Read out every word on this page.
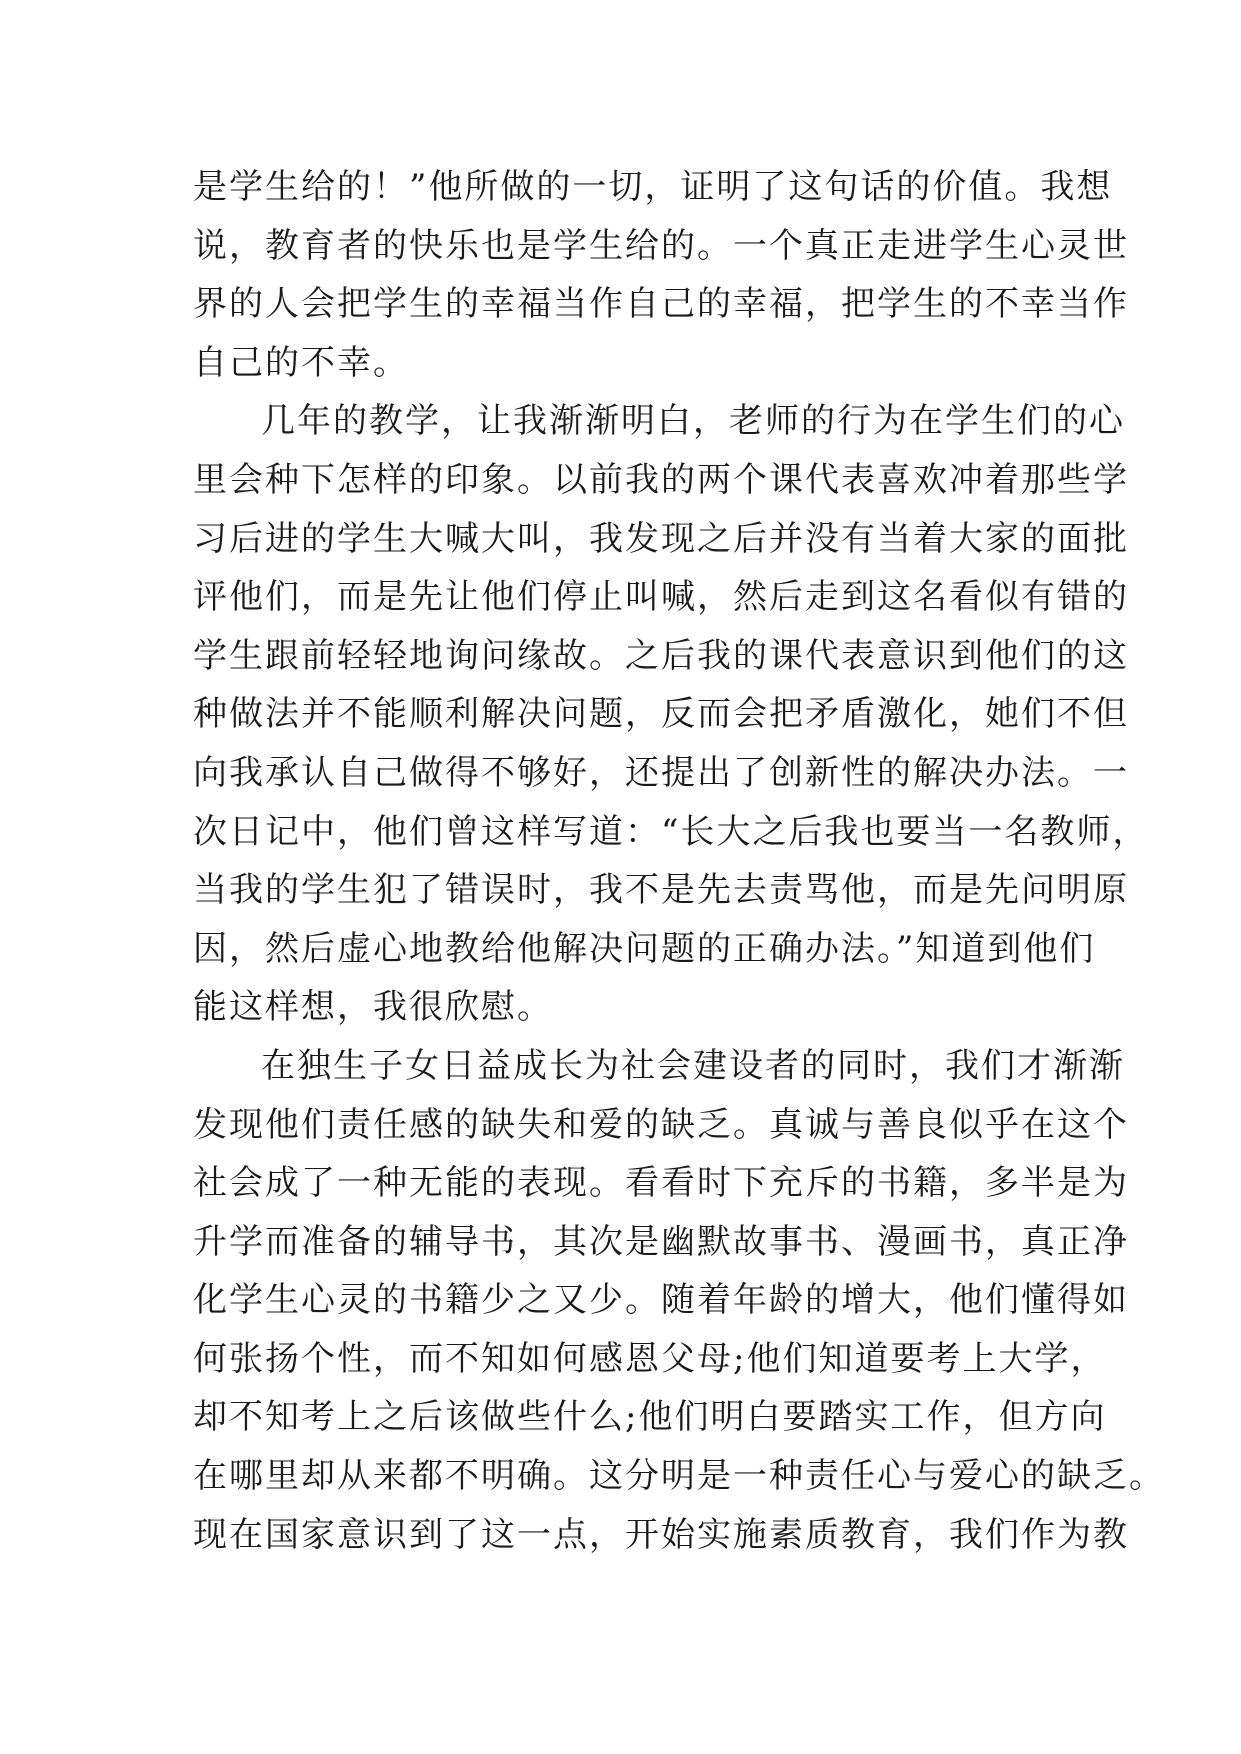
是学生给的！”他所做的一切，证明了这句话的价值。我想
说，教育者的快乐也是学生给的。一个真正走进学生心灵世
界的人会把学生的幸福当作自己的幸福，把学生的不幸当作
自己的不幸。
几年的教学，让我渐渐明白，老师的行为在学生们的心
里会种下怎样的印象。以前我的两个课代表喜欢冲着那些学
习后进的学生大喊大叫，我发现之后并没有当着大家的面批
评他们，而是先让他们停止叫喊，然后走到这名看似有错的
学生跟前轻轻地询问缘故。之后我的课代表意识到他们的这
种做法并不能顺利解决问题，反而会把矛盾激化，她们不但
向我承认自己做得不够好，还提出了创新性的解决办法。一
次日记中，他们曾这样写道：“长大之后我也要当一名教师，
当我的学生犯了错误时，我不是先去责骂他，而是先问明原
因，然后虚心地教给他解决问题的正确办法。”知道到他们
能这样想，我很欣慰。
在独生子女日益成长为社会建设者的同时，我们才渐渐
发现他们责任感的缺失和爱的缺乏。真诚与善良似乎在这个
社会成了一种无能的表现。看看时下充斥的书籍，多半是为
升学而准备的辅导书，其次是幽默故事书、漫画书，真正净
化学生心灵的书籍少之又少。随着年龄的增大，他们懂得如
何张扬个性，而不知如何感恩父母;他们知道要考上大学，
却不知考上之后该做些什么;他们明白要踏实工作，但方向
在哪里却从来都不明确。这分明是一种责任心与爱心的缺乏。
现在国家意识到了这一点，开始实施素质教育，我们作为教
